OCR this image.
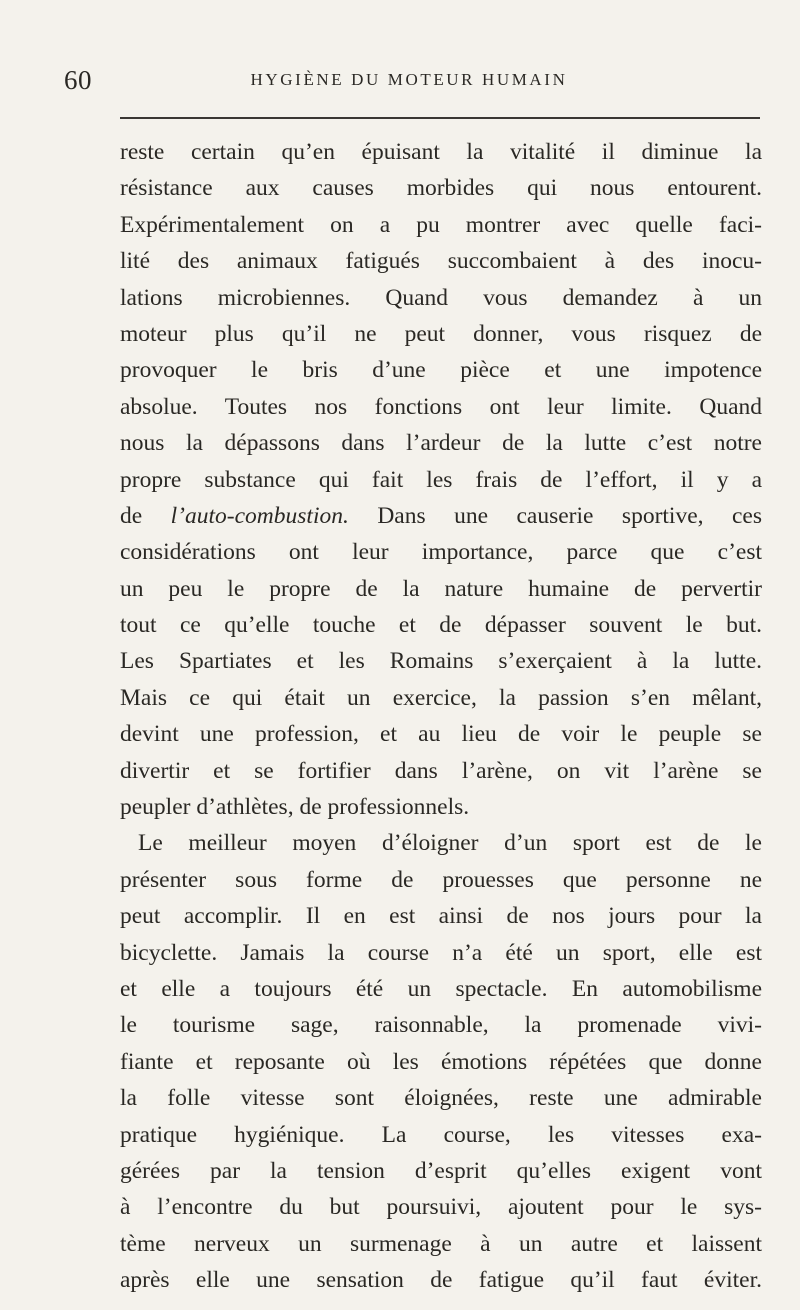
60	HYGIÈNE DU MOTEUR HUMAIN
reste certain qu’en épuisant la vitalité il diminue la
résistance aux causes morbides qui nous entourent.
Expérimentalement on a pu montrer avec quelle faci-
lité des animaux fatigués succombaient à des inocu-
lations microbiennes. Quand vous demandez à un
moteur plus qu’il ne peut donner, vous risquez de
provoquer le bris d’une pièce et une impotence
absolue. Toutes nos fonctions ont leur limite. Quand
nous la dépassons dans l’ardeur de la lutte c’est notre
propre substance qui fait les frais de l’effort, il y a
de l’auto-combustion. Dans une causerie sportive, ces
considérations ont leur importance, parce que c’est
un peu le propre de la nature humaine de pervertir
tout ce qu’elle touche et de dépasser souvent le but.
Les Spartiates et les Romains s’exerçaient à la lutte.
Mais ce qui était un exercice, la passion s’en mêlant,
devint une profession, et au lieu de voir le peuple se
divertir et se fortifier dans l’arène, on vit l’arène se
peupler d’athlètes, de professionnels.
Le meilleur moyen d’éloigner d’un sport est de le
présenter sous forme de prouesses que personne ne
peut accomplir. Il en est ainsi de nos jours pour la
bicyclette. Jamais la course n’a été un sport, elle est
et elle a toujours été un spectacle. En automobilisme
le tourisme sage, raisonnable, la promenade vivi-
fiante et reposante où les émotions répétées que donne
la folle vitesse sont éloignées, reste une admirable
pratique hygiénique. La course, les vitesses exa-
gérées par la tension d’esprit qu’elles exigent vont
à l’encontre du but poursuivi, ajoutent pour le sys-
tème nerveux un surmenage à un autre et laissent
après elle une sensation de fatigue qu’il faut éviter.
